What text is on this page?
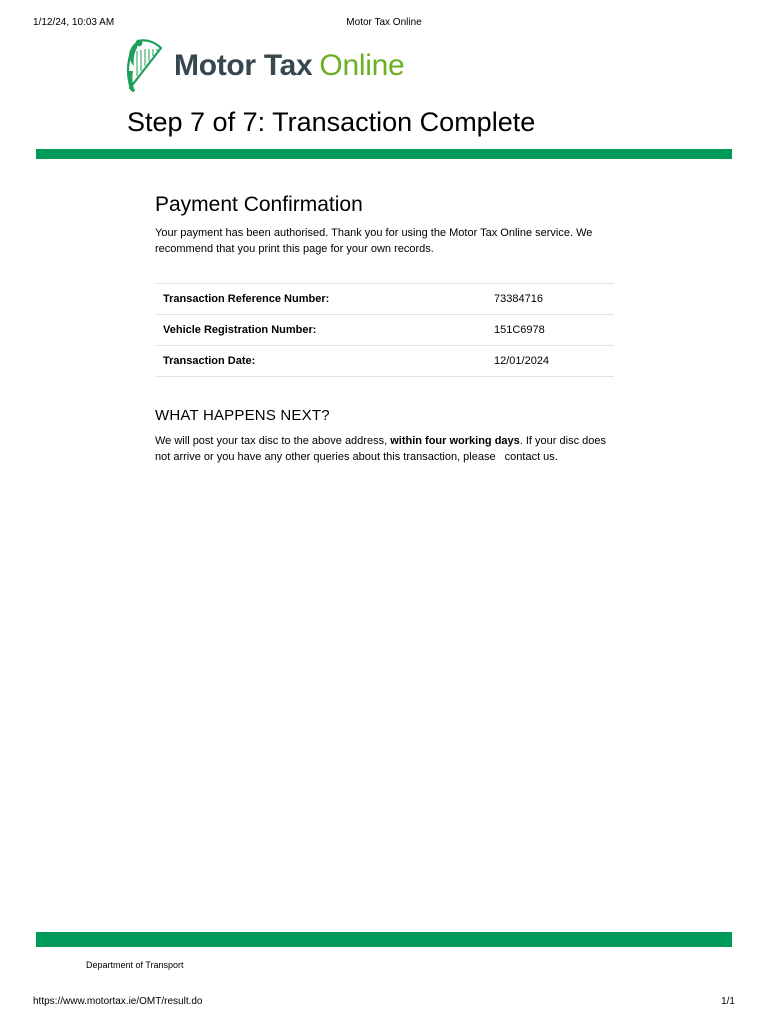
1/12/24, 10:03 AM	Motor Tax Online
Motor Tax Online
Step 7 of 7: Transaction Complete
Payment Confirmation

Your payment has been authorised. Thank you for using the Motor Tax Online service. We recommend that you print this page for your own records.

Transaction Reference Number:	73384716
Vehicle Registration Number:	151C6978
Transaction Date:	12/01/2024
WHAT HAPPENS NEXT?

We will post your tax disc to the above address, within four working days. If your disc does not arrive or you have any other queries about this transaction, please contact us.

Department of Transport
https://www.motortax.ie/OMT/result.do	1/1
